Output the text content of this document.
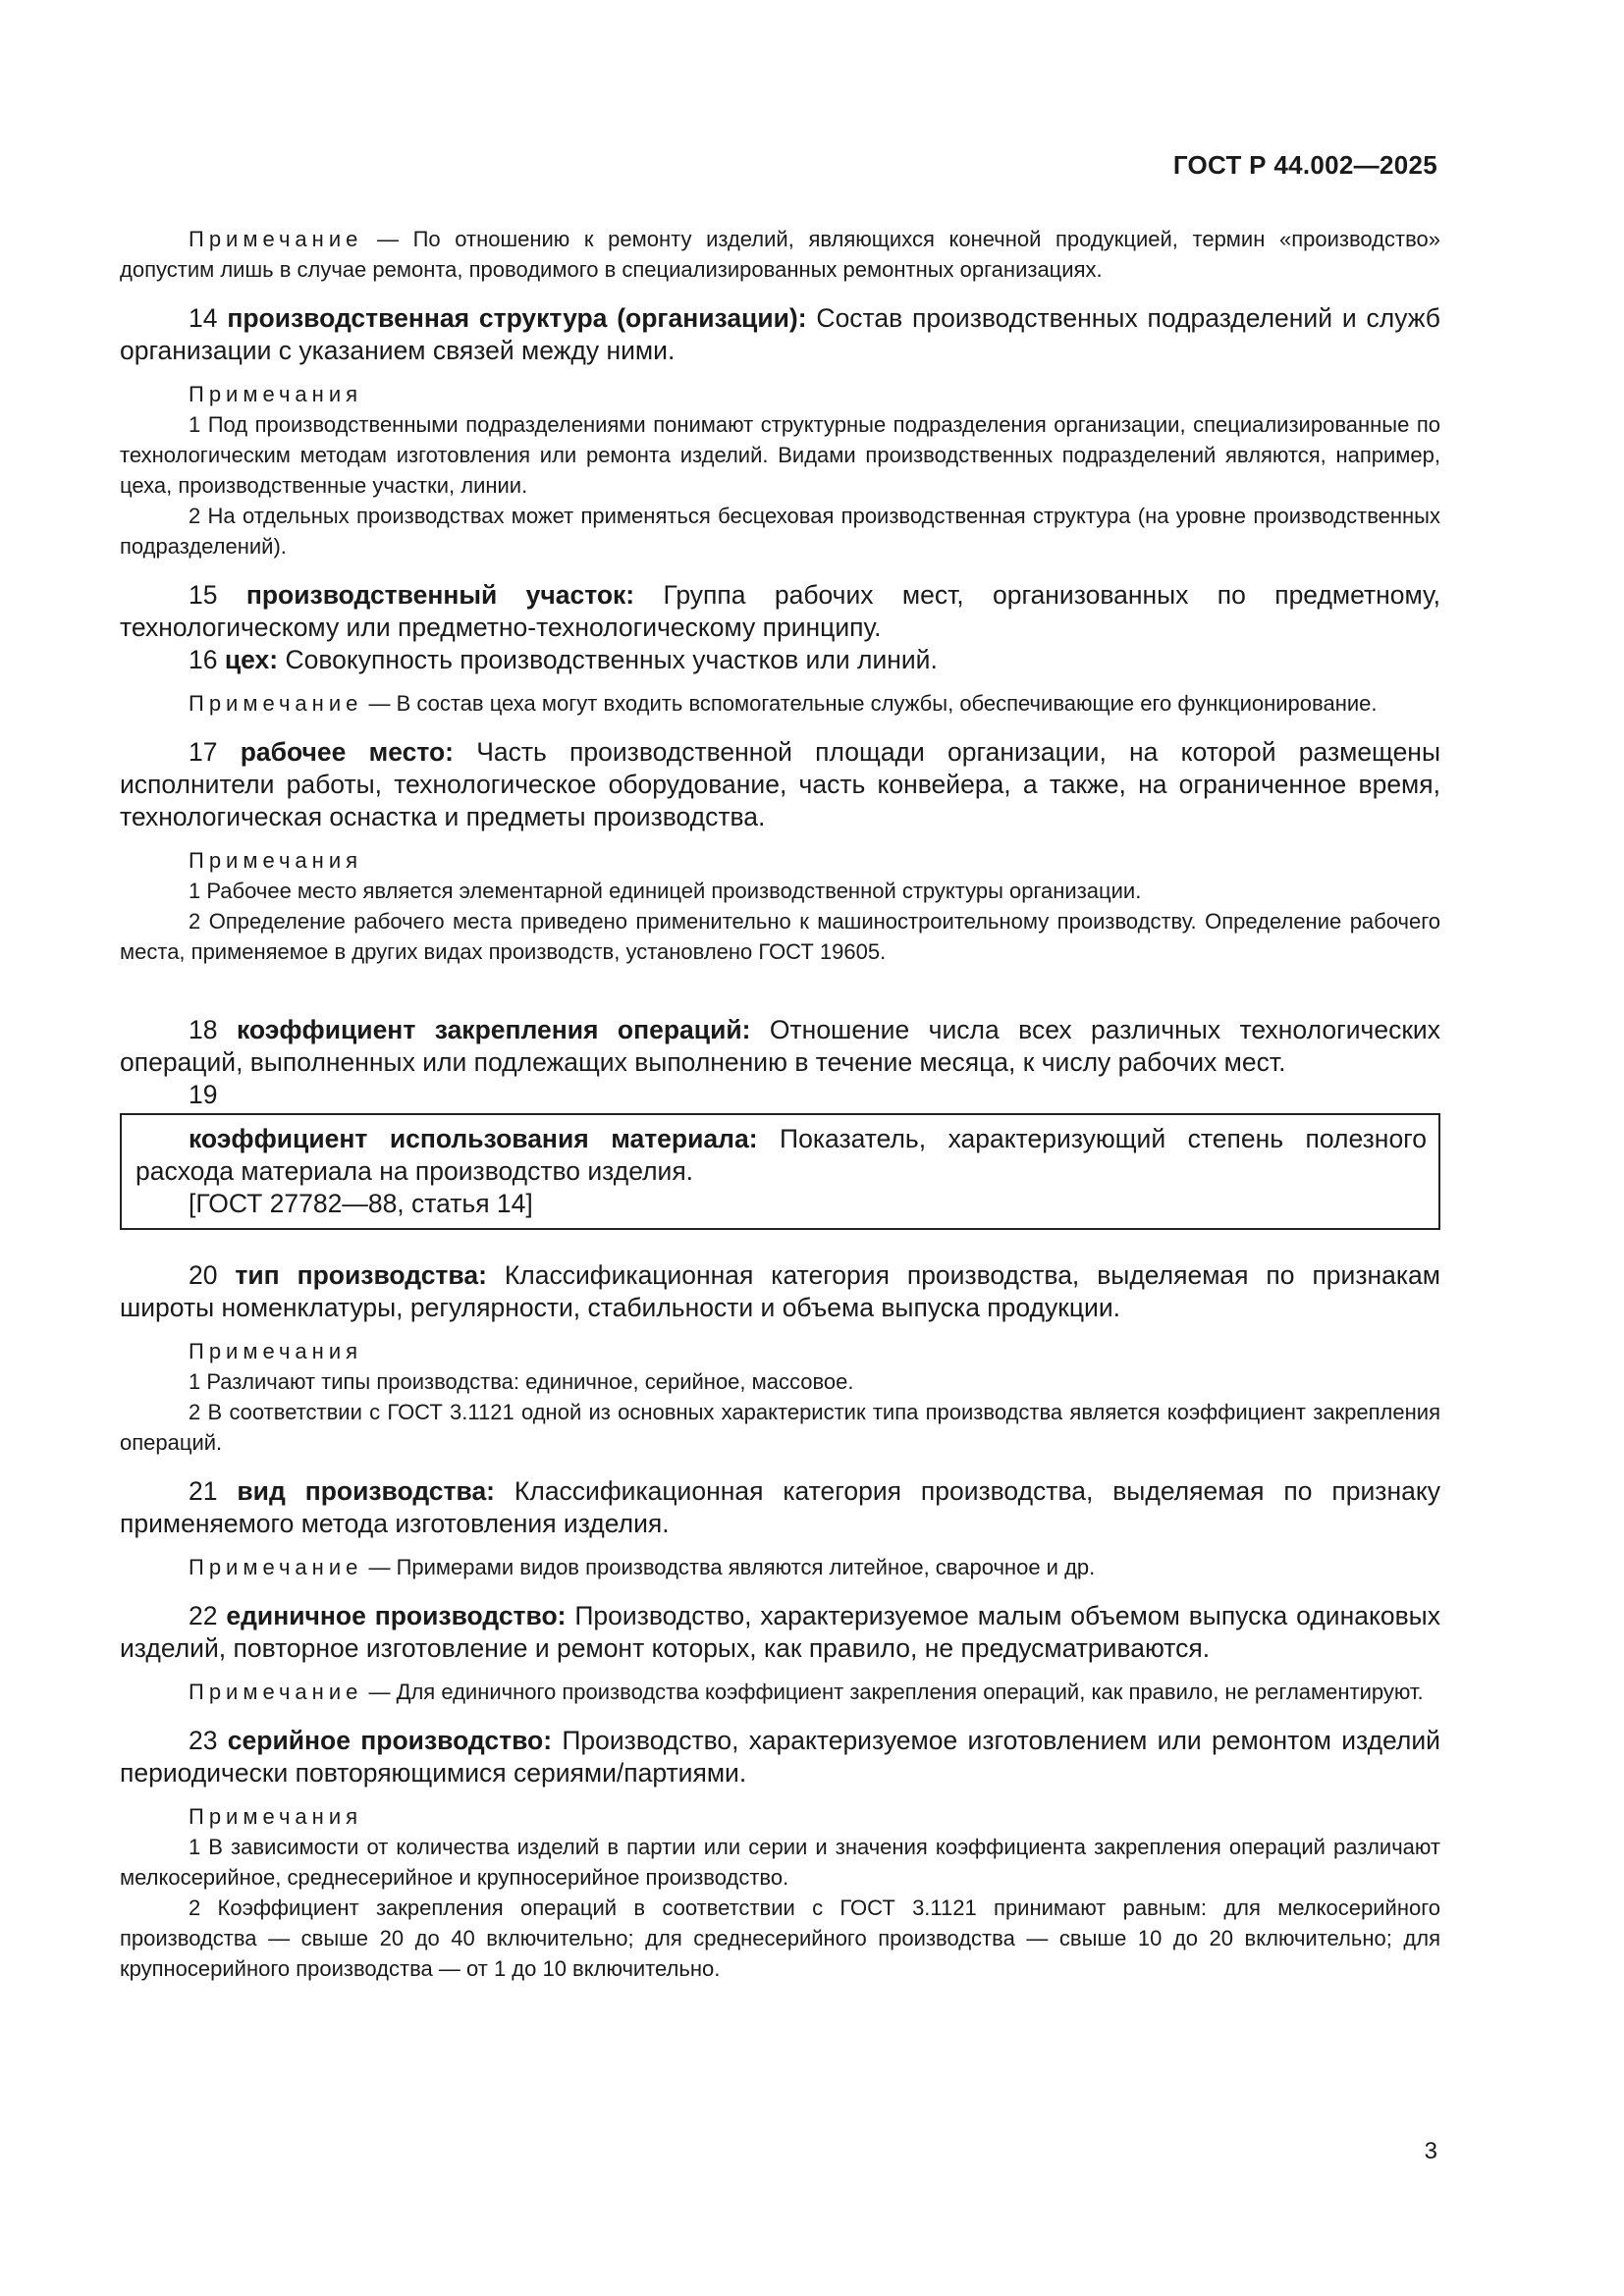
ГОСТ Р 44.002—2025

Примечание — По отношению к ремонту изделий, являющихся конечной продукцией, термин «производство» допустим лишь в случае ремонта, проводимого в специализированных ремонтных организациях.

14 производственная структура (организации): Состав производственных подразделений и служб организации с указанием связей между ними.

Примечания

1 Под производственными подразделениями понимают структурные подразделения организации, специализированные по технологическим методам изготовления или ремонта изделий. Видами производственных подразделений являются, например, цеха, производственные участки, линии.

2 На отдельных производствах может применяться бесцеховая производственная структура (на уровне производственных подразделений).

15 производственный участок: Группа рабочих мест, организованных по предметному, технологическому или предметно-технологическому принципу.

16 цех: Совокупность производственных участков или линий.

Примечание — В состав цеха могут входить вспомогательные службы, обеспечивающие его функционирование.

17 рабочее место: Часть производственной площади организации, на которой размещены исполнители работы, технологическое оборудование, часть конвейера, а также, на ограниченное время, технологическая оснастка и предметы производства.

Примечания

1 Рабочее место является элементарной единицей производственной структуры организации.

2 Определение рабочего места приведено применительно к машиностроительному производству. Определение рабочего места, применяемое в других видах производств, установлено ГОСТ 19605.

18 коэффициент закрепления операций: Отношение числа всех различных технологических операций, выполненных или подлежащих выполнению в течение месяца, к числу рабочих мест.

19

коэффициент использования материала: Показатель, характеризующий степень полезного расхода материала на производство изделия.

[ГОСТ 27782—88, статья 14]

20 тип производства: Классификационная категория производства, выделяемая по признакам широты номенклатуры, регулярности, стабильности и объема выпуска продукции.

Примечания

1 Различают типы производства: единичное, серийное, массовое.

2 В соответствии с ГОСТ 3.1121 одной из основных характеристик типа производства является коэффициент закрепления операций.

21 вид производства: Классификационная категория производства, выделяемая по признаку применяемого метода изготовления изделия.

Примечание — Примерами видов производства являются литейное, сварочное и др.

22 единичное производство: Производство, характеризуемое малым объемом выпуска одинаковых изделий, повторное изготовление и ремонт которых, как правило, не предусматриваются.

Примечание — Для единичного производства коэффициент закрепления операций, как правило, не регламентируют.

23 серийное производство: Производство, характеризуемое изготовлением или ремонтом изделий периодически повторяющимися сериями/партиями.

Примечания

1 В зависимости от количества изделий в партии или серии и значения коэффициента закрепления операций различают мелкосерийное, среднесерийное и крупносерийное производство.

2 Коэффициент закрепления операций в соответствии с ГОСТ 3.1121 принимают равным: для мелкосерийного производства — свыше 20 до 40 включительно; для среднесерийного производства — свыше 10 до 20 включительно; для крупносерийного производства — от 1 до 10 включительно.

3
